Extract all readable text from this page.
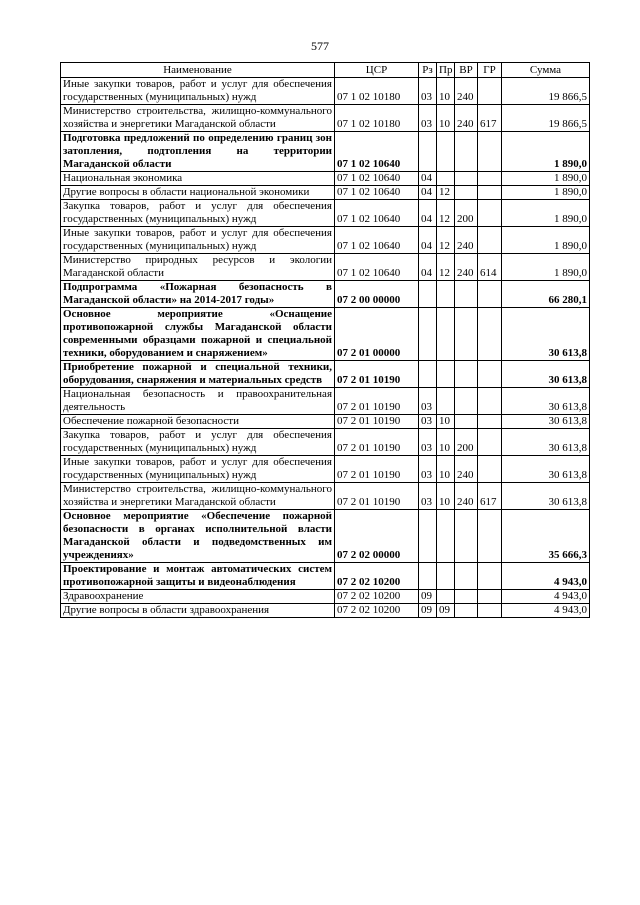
577
Наименование	ЦСР	Рз	Пр	ВР	ГР	Сумма
Иные закупки товаров, работ и услуг для обеспечения государственных (муниципальных) нужд	07 1 02 10180	03	10	240		19 866,5
Министерство строительства, жилищно-коммунального хозяйства и энергетики Магаданской области	07 1 02 10180	03	10	240	617	19 866,5
Подготовка предложений по определению границ зон затопления, подтопления на территории Магаданской области	07 1 02 10640					1 890,0
Национальная экономика	07 1 02 10640	04				1 890,0
Другие вопросы в области национальной экономики	07 1 02 10640	04	12			1 890,0
Закупка товаров, работ и услуг для обеспечения государственных (муниципальных) нужд	07 1 02 10640	04	12	200		1 890,0
Иные закупки товаров, работ и услуг для обеспечения государственных (муниципальных) нужд	07 1 02 10640	04	12	240		1 890,0
Министерство природных ресурсов и экологии Магаданской области	07 1 02 10640	04	12	240	614	1 890,0
Подпрограмма «Пожарная безопасность в Магаданской области» на 2014-2017 годы»	07 2 00 00000					66 280,1
Основное мероприятие «Оснащение противопожарной службы Магаданской области современными образцами пожарной и специальной техники, оборудованием и снаряжением»	07 2 01 00000					30 613,8
Приобретение пожарной и специальной техники, оборудования, снаряжения и материальных средств	07 2 01 10190					30 613,8
Национальная безопасность и правоохранительная деятельность	07 2 01 10190	03				30 613,8
Обеспечение пожарной безопасности	07 2 01 10190	03	10			30 613,8
Закупка товаров, работ и услуг для обеспечения государственных (муниципальных) нужд	07 2 01 10190	03	10	200		30 613,8
Иные закупки товаров, работ и услуг для обеспечения государственных (муниципальных) нужд	07 2 01 10190	03	10	240		30 613,8
Министерство строительства, жилищно-коммунального хозяйства и энергетики Магаданской области	07 2 01 10190	03	10	240	617	30 613,8
Основное мероприятие «Обеспечение пожарной безопасности в органах исполнительной власти Магаданской области и подведомственных им учреждениях»	07 2 02 00000					35 666,3
Проектирование и монтаж автоматических систем противопожарной защиты и видеонаблюдения	07 2 02 10200					4 943,0
Здравоохранение	07 2 02 10200	09				4 943,0
Другие вопросы в области здравоохранения	07 2 02 10200	09	09			4 943,0
